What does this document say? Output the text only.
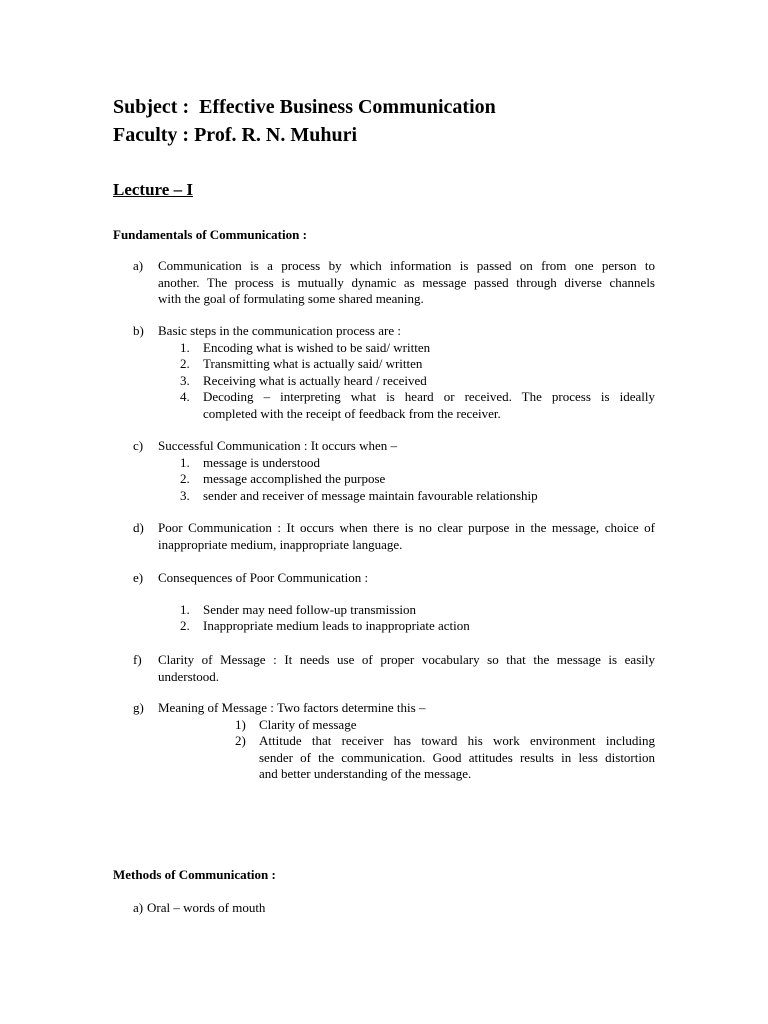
Subject : Effective Business Communication
Faculty : Prof. R. N. Muhuri
Lecture – I
Fundamentals of Communication :
a) Communication is a process by which information is passed on from one person to
another. The process is mutually dynamic as message passed through diverse channels
with the goal of formulating some shared meaning.
b) Basic steps in the communication process are :
1. Encoding what is wished to be said/ written
2. Transmitting what is actually said/ written
3. Receiving what is actually heard / received
4. Decoding – interpreting what is heard or received. The process is ideally
completed with the receipt of feedback from the receiver.
c) Successful Communication : It occurs when –
1. message is understood
2. message accomplished the purpose
3. sender and receiver of message maintain favourable relationship
d) Poor Communication : It occurs when there is no clear purpose in the message, choice of
inappropriate medium, inappropriate language.
e) Consequences of Poor Communication :
1. Sender may need follow-up transmission
2. Inappropriate medium leads to inappropriate action
f) Clarity of Message : It needs use of proper vocabulary so that the message is easily
understood.
g) Meaning of Message : Two factors determine this –
1) Clarity of message
2) Attitude that receiver has toward his work environment including
sender of the communication. Good attitudes results in less distortion
and better understanding of the message.
Methods of Communication :
a) Oral – words of mouth
